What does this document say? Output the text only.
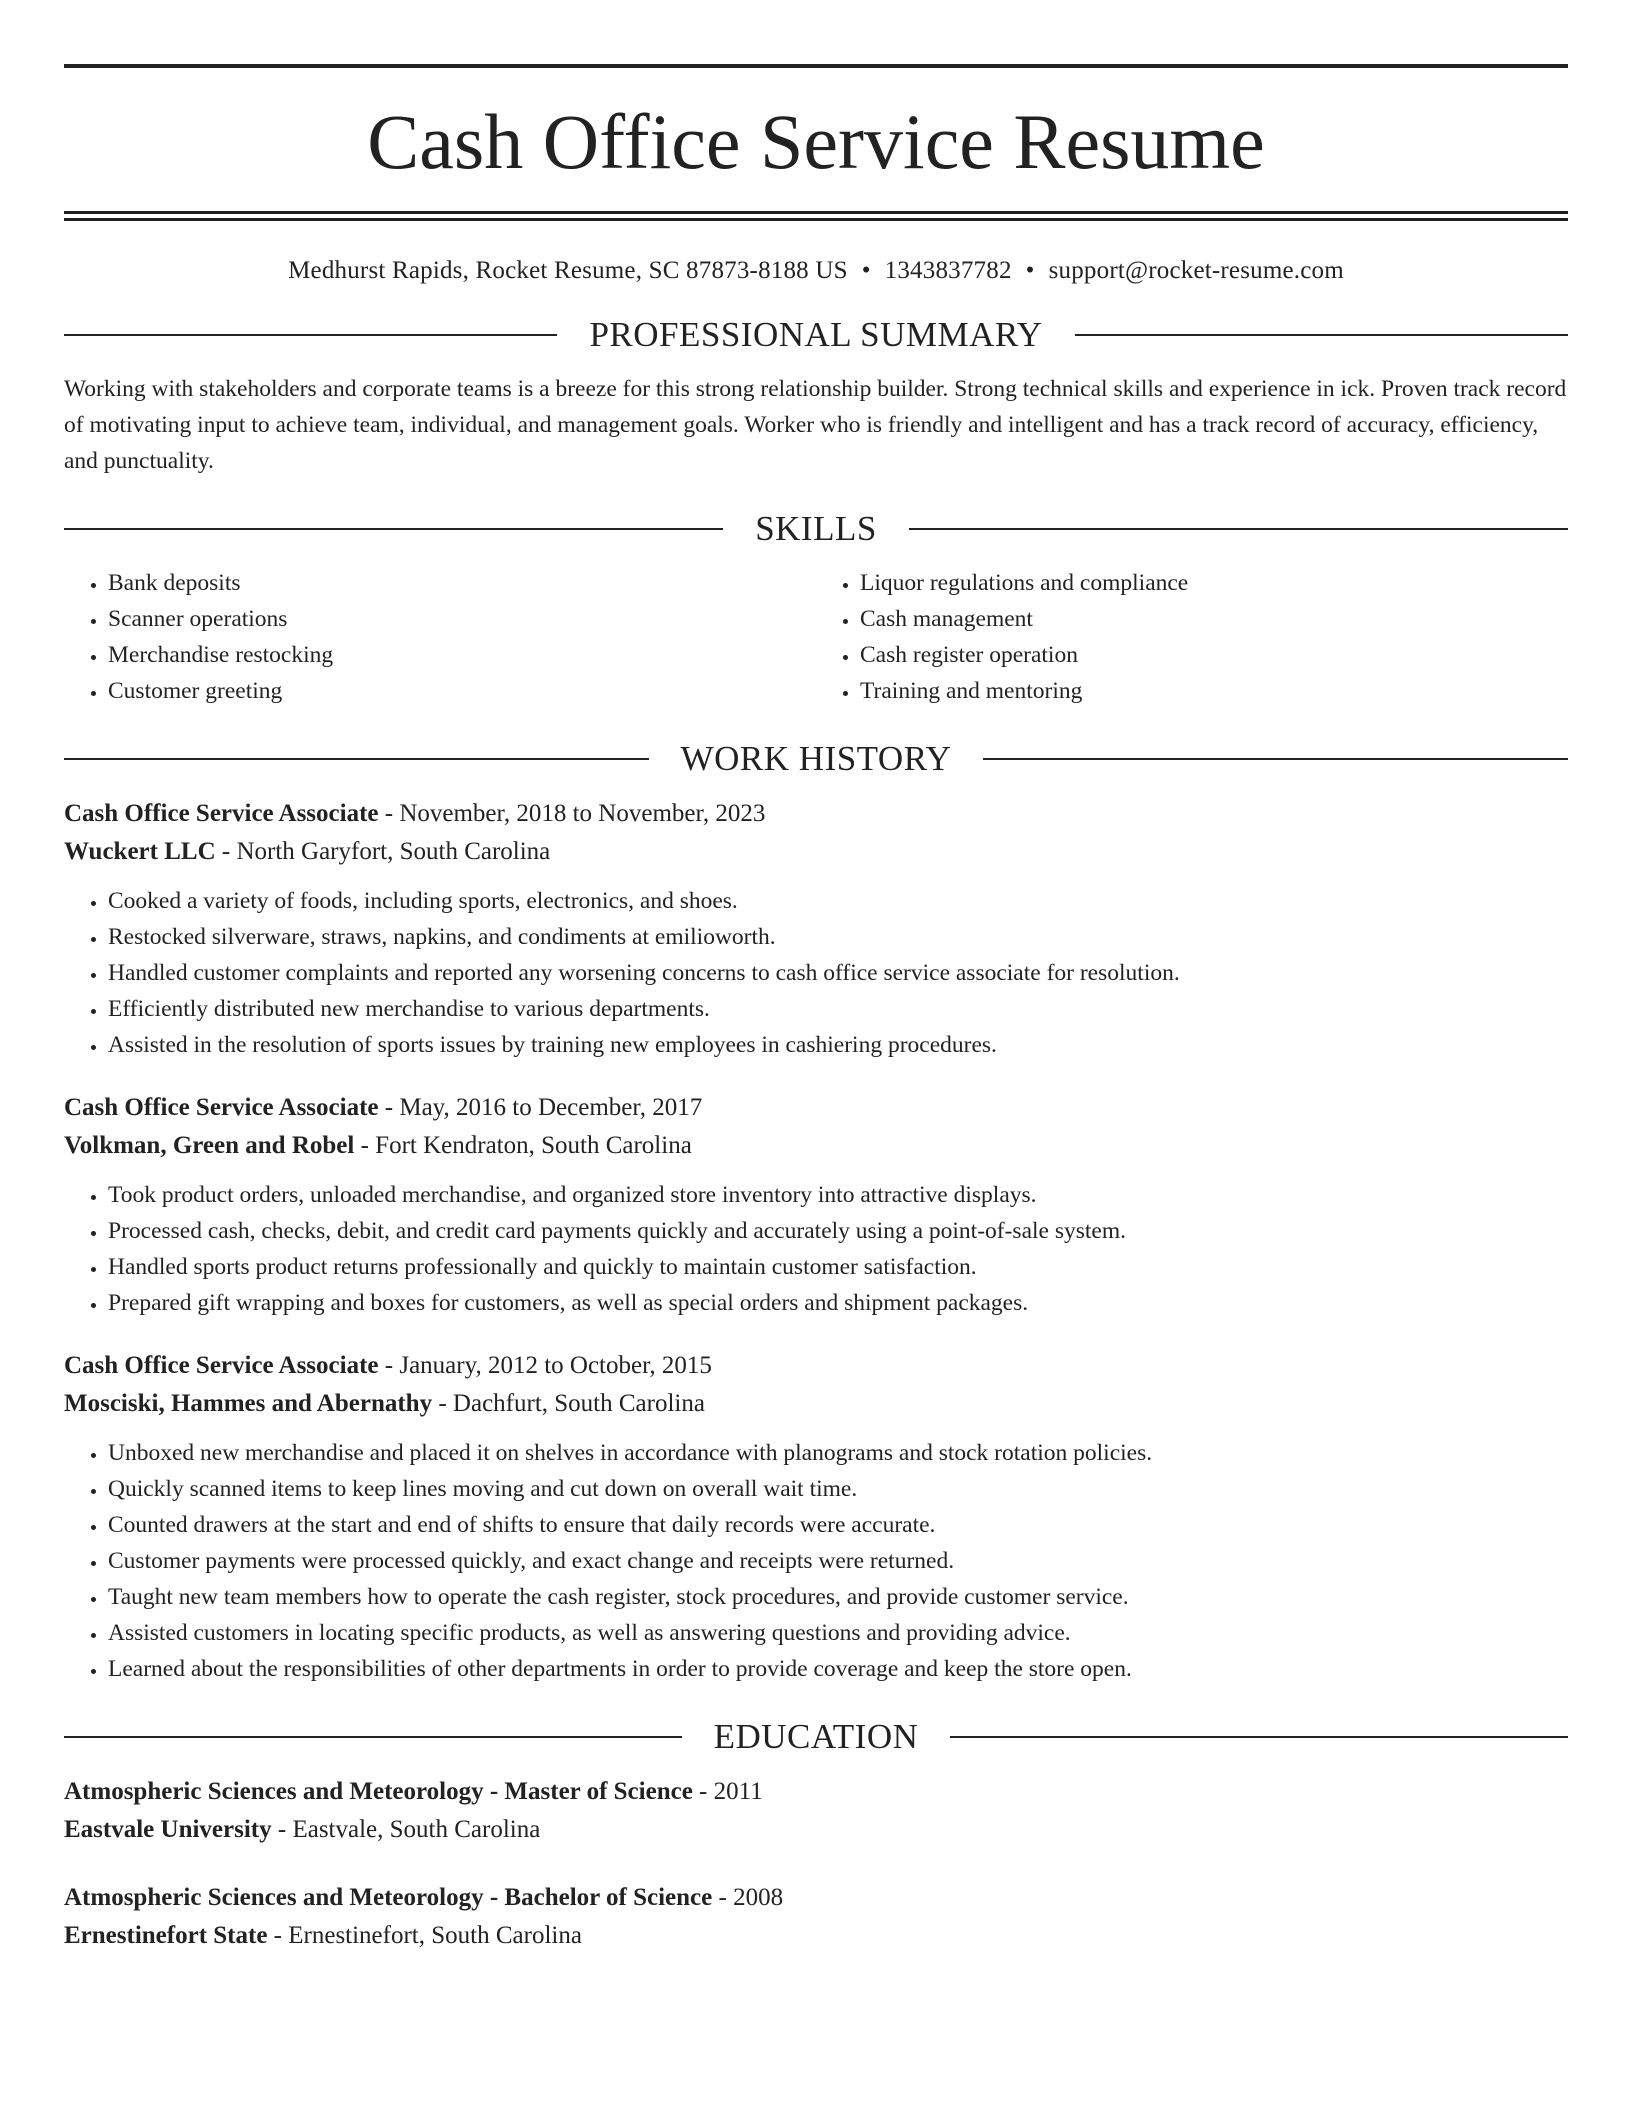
Cash Office Service Resume
Medhurst Rapids, Rocket Resume, SC 87873-8188 US • 1343837782 • support@rocket-resume.com
PROFESSIONAL SUMMARY

Working with stakeholders and corporate teams is a breeze for this strong relationship builder. Strong technical skills and experience in ick. Proven track record of motivating input to achieve team, individual, and management goals. Worker who is friendly and intelligent and has a track record of accuracy, efficiency, and punctuality.

SKILLS
• Bank deposits
• Scanner operations
• Merchandise restocking
• Customer greeting
• Liquor regulations and compliance
• Cash management
• Cash register operation
• Training and mentoring
WORK HISTORY
Cash Office Service Associate - November, 2018 to November, 2023
Wuckert LLC - North Garyfort, South Carolina
• Cooked a variety of foods, including sports, electronics, and shoes.
• Restocked silverware, straws, napkins, and condiments at emilioworth.
• Handled customer complaints and reported any worsening concerns to cash office service associate for resolution.
• Efficiently distributed new merchandise to various departments.
• Assisted in the resolution of sports issues by training new employees in cashiering procedures.
Cash Office Service Associate - May, 2016 to December, 2017
Volkman, Green and Robel - Fort Kendraton, South Carolina
• Took product orders, unloaded merchandise, and organized store inventory into attractive displays.
• Processed cash, checks, debit, and credit card payments quickly and accurately using a point-of-sale system.
• Handled sports product returns professionally and quickly to maintain customer satisfaction.
• Prepared gift wrapping and boxes for customers, as well as special orders and shipment packages.
Cash Office Service Associate - January, 2012 to October, 2015
Mosciski, Hammes and Abernathy - Dachfurt, South Carolina
• Unboxed new merchandise and placed it on shelves in accordance with planograms and stock rotation policies.
• Quickly scanned items to keep lines moving and cut down on overall wait time.
• Counted drawers at the start and end of shifts to ensure that daily records were accurate.
• Customer payments were processed quickly, and exact change and receipts were returned.
• Taught new team members how to operate the cash register, stock procedures, and provide customer service.
• Assisted customers in locating specific products, as well as answering questions and providing advice.
• Learned about the responsibilities of other departments in order to provide coverage and keep the store open.
EDUCATION
Atmospheric Sciences and Meteorology - Master of Science - 2011
Eastvale University - Eastvale, South Carolina
Atmospheric Sciences and Meteorology - Bachelor of Science - 2008
Ernestinefort State - Ernestinefort, South Carolina
